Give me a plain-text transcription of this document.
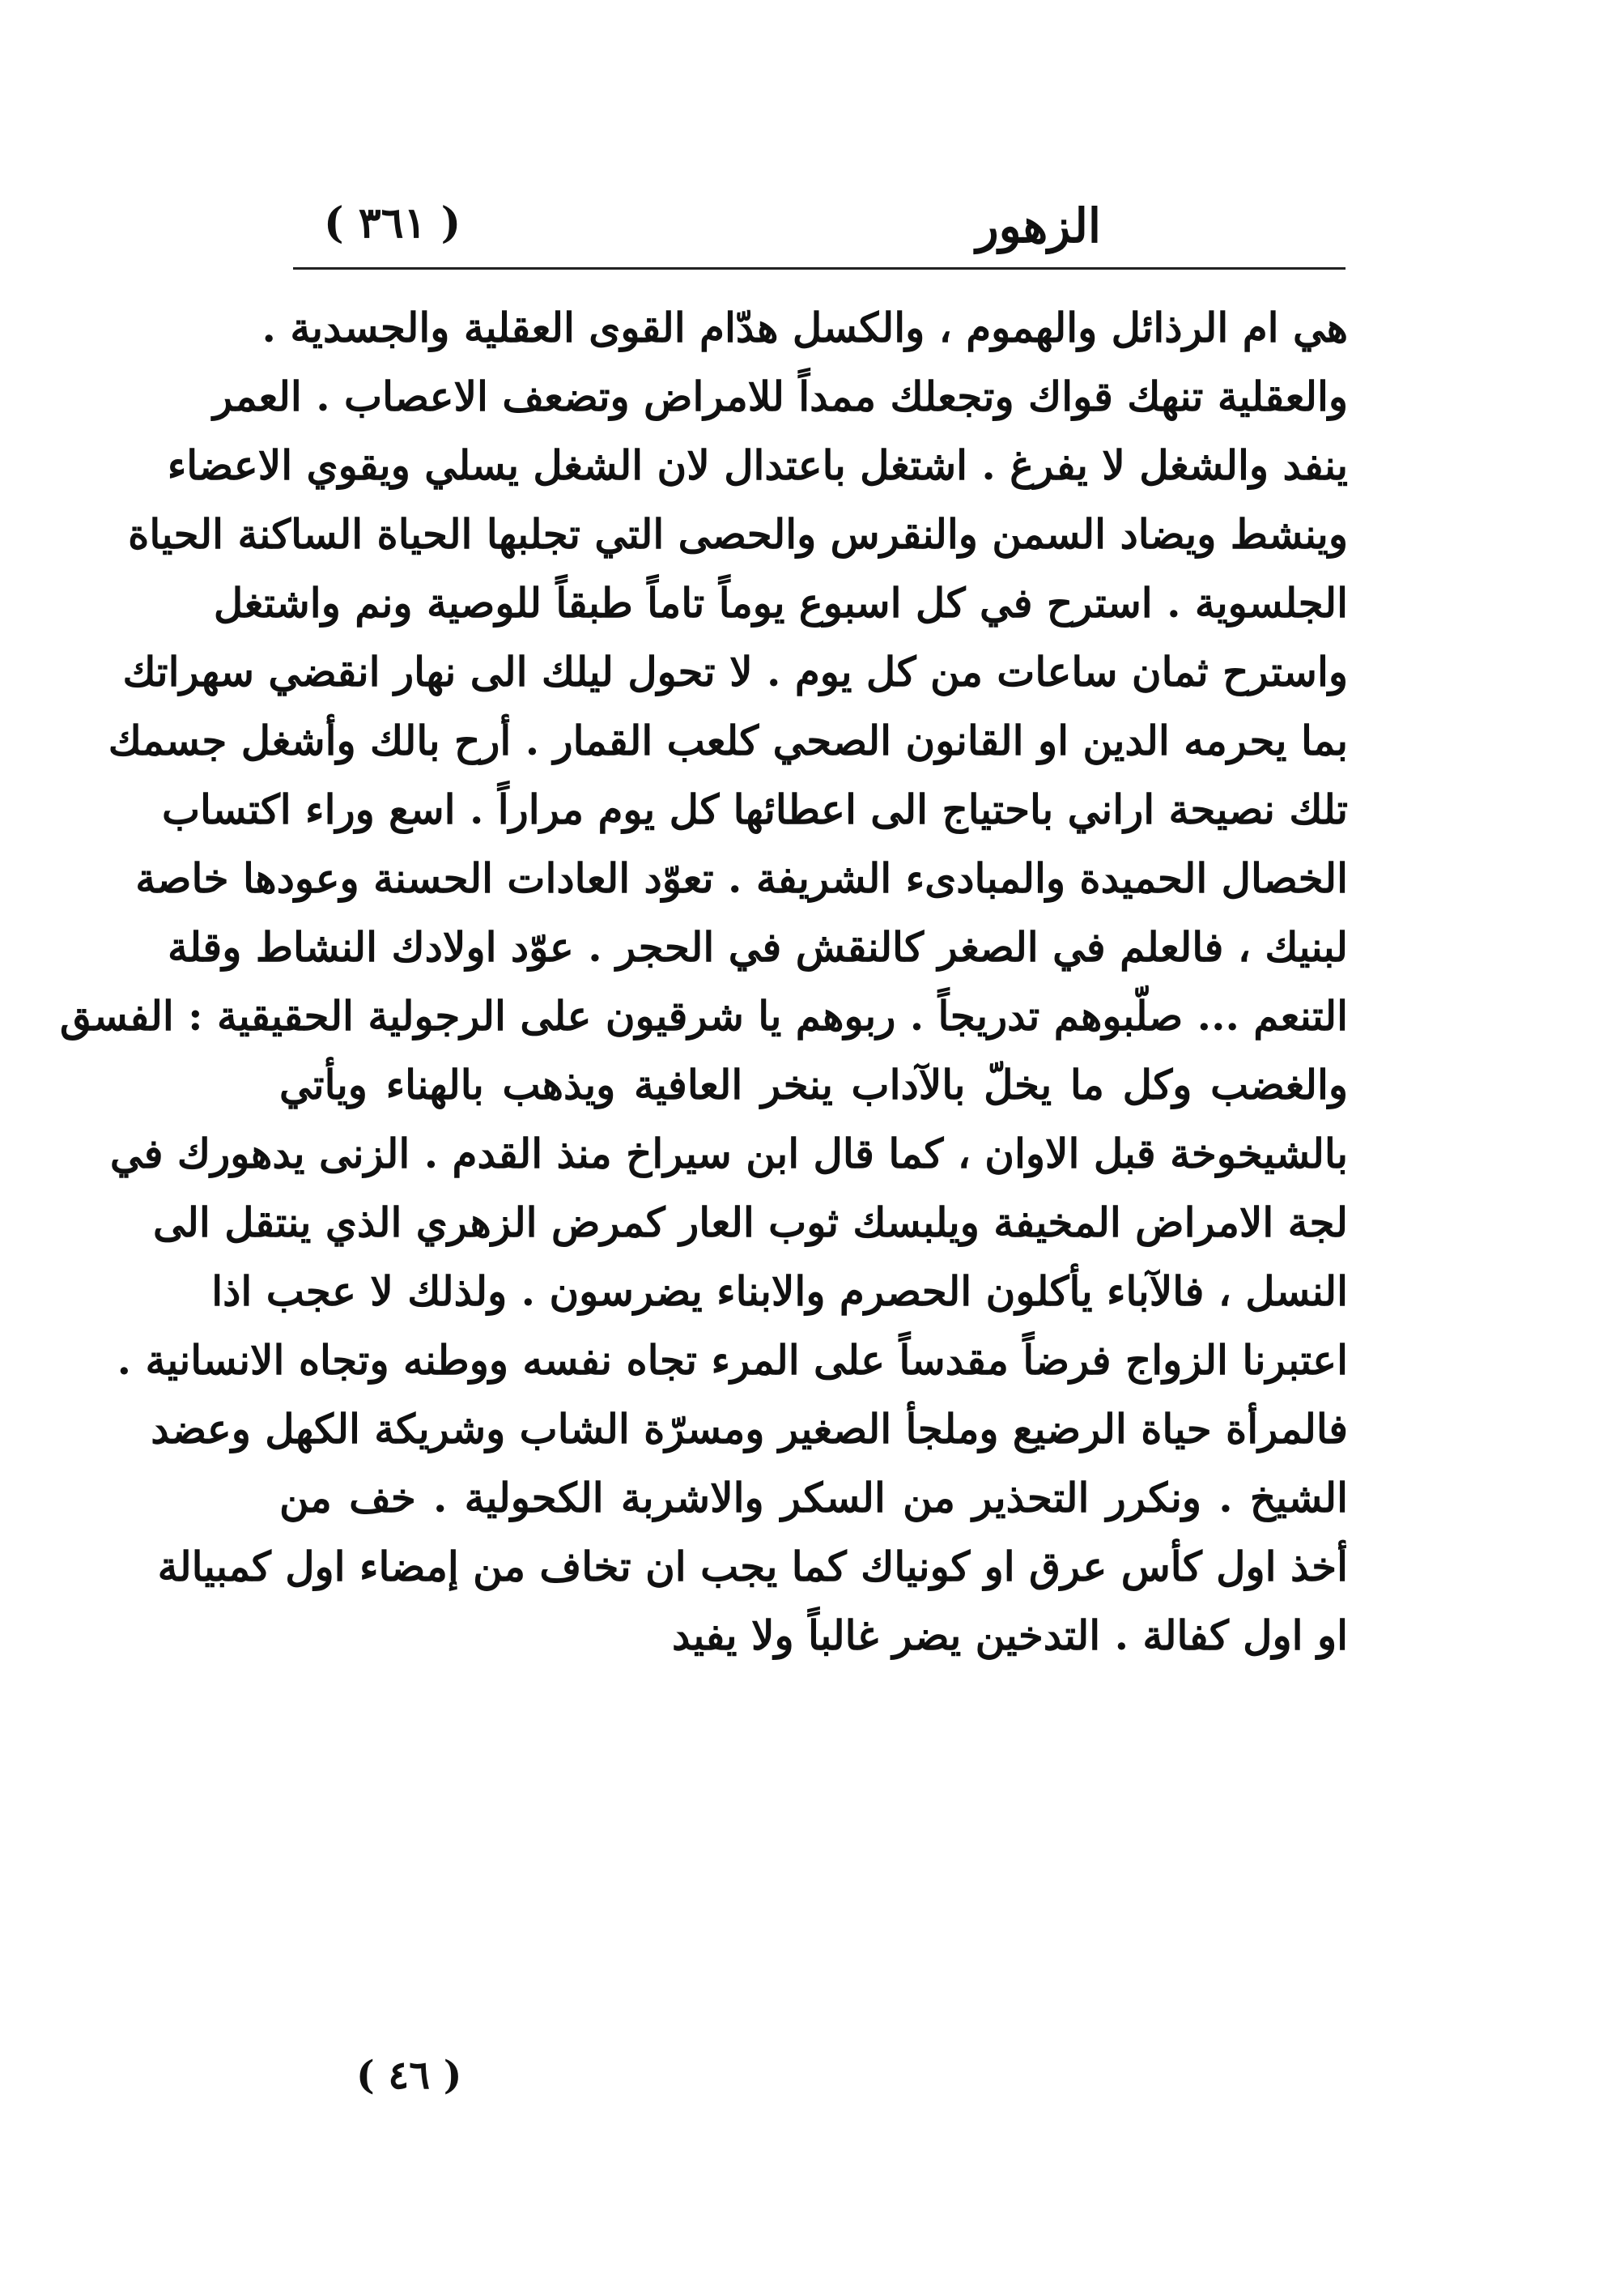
الزهور
( ٣٦١ )
هي ام الرذائل والهموم ، والكسل هدّام القوى العقلية والجسدية .
والعقلية تنهك قواك وتجعلك ممداً للامراض وتضعف الاعصاب . العمر
ينفد والشغل لا يفرغ . اشتغل باعتدال لان الشغل يسلي ويقوي الاعضاء
وينشط ويضاد السمن والنقرس والحصى التي تجلبها الحياة الساكنة الحياة
الجلسوية . استرح في كل اسبوع يوماً تاماً طبقاً للوصية ونم واشتغل
واسترح ثمان ساعات من كل يوم . لا تحول ليلك الى نهار انقضي سهراتك
بما يحرمه الدين او القانون الصحي كلعب القمار . أرح بالك وأشغل جسمك
تلك نصيحة اراني باحتياج الى اعطائها كل يوم مراراً . اسع وراء اكتساب
الخصال الحميدة والمبادىء الشريفة . تعوّد العادات الحسنة وعودها خاصة
لبنيك ، فالعلم في الصغر كالنقش في الحجر . عوّد اولادك النشاط وقلة
التنعم ... صلّبوهم تدريجاً . ربوهم يا شرقيون على الرجولية الحقيقية : الفسق
والغضب وكل ما يخلّ بالآداب ينخر العافية ويذهب بالهناء ويأتي
بالشيخوخة قبل الاوان ، كما قال ابن سيراخ منذ القدم . الزنى يدهورك في
لجة الامراض المخيفة ويلبسك ثوب العار كمرض الزهري الذي ينتقل الى
النسل ، فالآباء يأكلون الحصرم والابناء يضرسون . ولذلك لا عجب اذا
اعتبرنا الزواج فرضاً مقدساً على المرء تجاه نفسه ووطنه وتجاه الانسانية .
فالمرأة حياة الرضيع وملجأ الصغير ومسرّة الشاب وشريكة الكهل وعضد
الشيخ . ونكرر التحذير من السكر والاشربة الكحولية . خف من
أخذ اول كأس عرق او كونياك كما يجب ان تخاف من إمضاء اول كمبيالة
او اول كفالة . التدخين يضر غالباً ولا يفيد
( ٤٦ )
